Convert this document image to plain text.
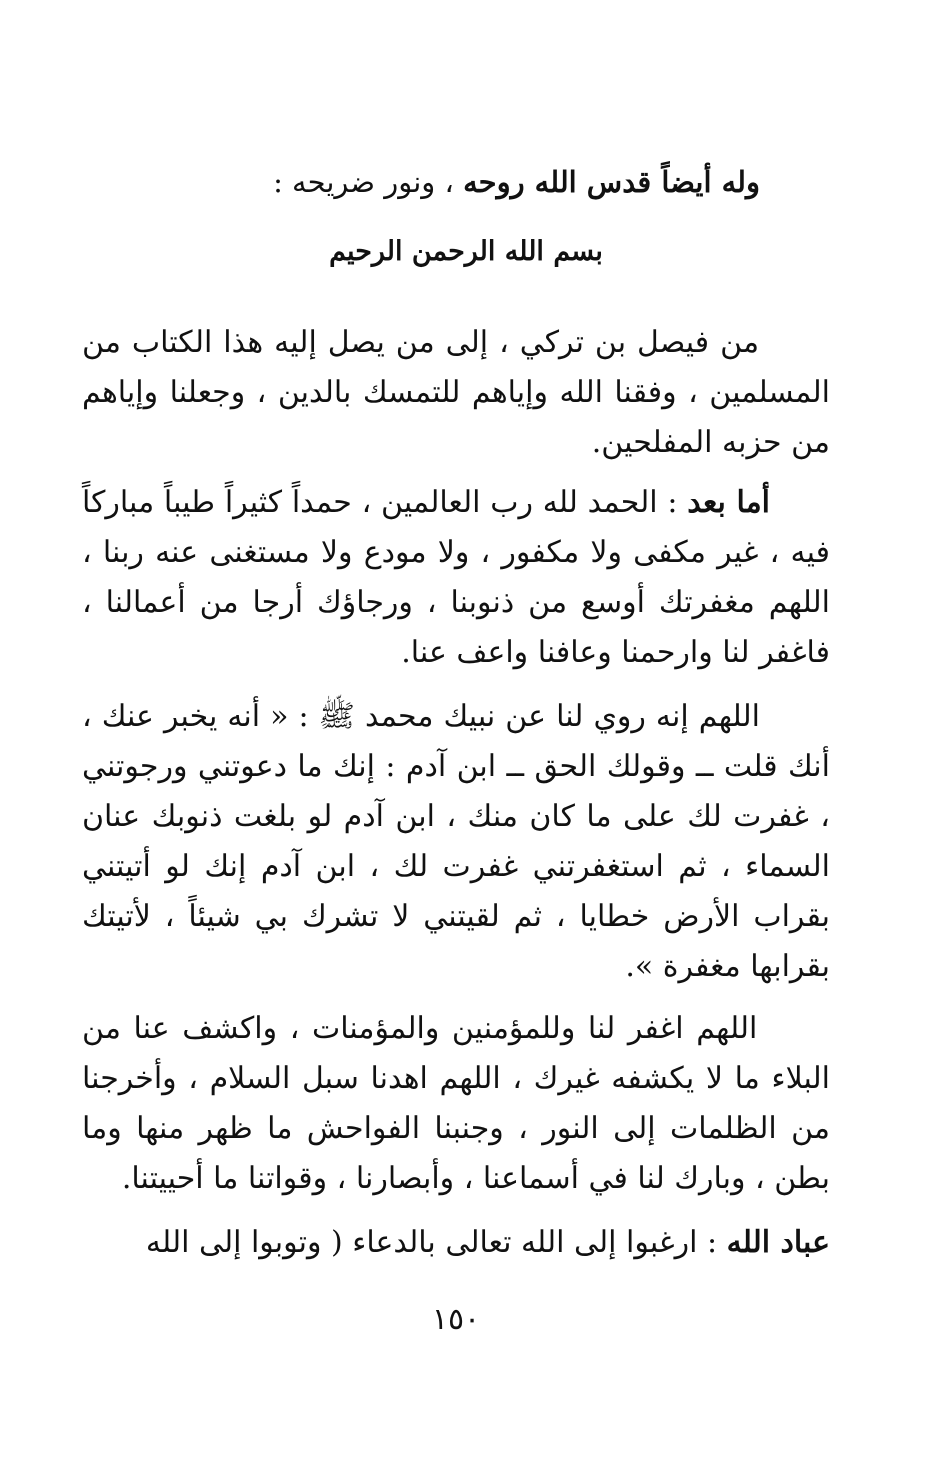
وله أيضاً قدس الله روحه ، ونور ضريحه :
بسم الله الرحمن الرحيم
من فيصل بن تركي ، إلى من يصل إليه هذا الكتاب من المسلمين ، وفقنا الله وإياهم للتمسك بالدين ، وجعلنا وإياهم من حزبه المفلحين.
أما بعد : الحمد لله رب العالمين ، حمداً كثيراً طيباً مباركاً فيه ، غير مكفى ولا مكفور ، ولا مودع ولا مستغنى عنه ربنا ، اللهم مغفرتك أوسع من ذنوبنا ، ورجاؤك أرجا من أعمالنا ، فاغفر لنا وارحمنا وعافنا واعف عنا.
اللهم إنه روي لنا عن نبيك محمد ﷺ : « أنه يخبر عنك ، أنك قلت ــ وقولك الحق ــ ابن آدم : إنك ما دعوتني ورجوتني ، غفرت لك على ما كان منك ، ابن آدم لو بلغت ذنوبك عنان السماء ، ثم استغفرتني غفرت لك ، ابن آدم إنك لو أتيتني بقراب الأرض خطايا ، ثم لقيتني لا تشرك بي شيئاً ، لأتيتك بقرابها مغفرة ».
اللهم اغفر لنا وللمؤمنين والمؤمنات ، واكشف عنا من البلاء ما لا يكشفه غيرك ، اللهم اهدنا سبل السلام ، وأخرجنا من الظلمات إلى النور ، وجنبنا الفواحش ما ظهر منها وما بطن ، وبارك لنا في أسماعنا ، وأبصارنا ، وقواتنا ما أحييتنا.
عباد الله : ارغبوا إلى الله تعالى بالدعاء ( وتوبوا إلى الله
١٥٠
